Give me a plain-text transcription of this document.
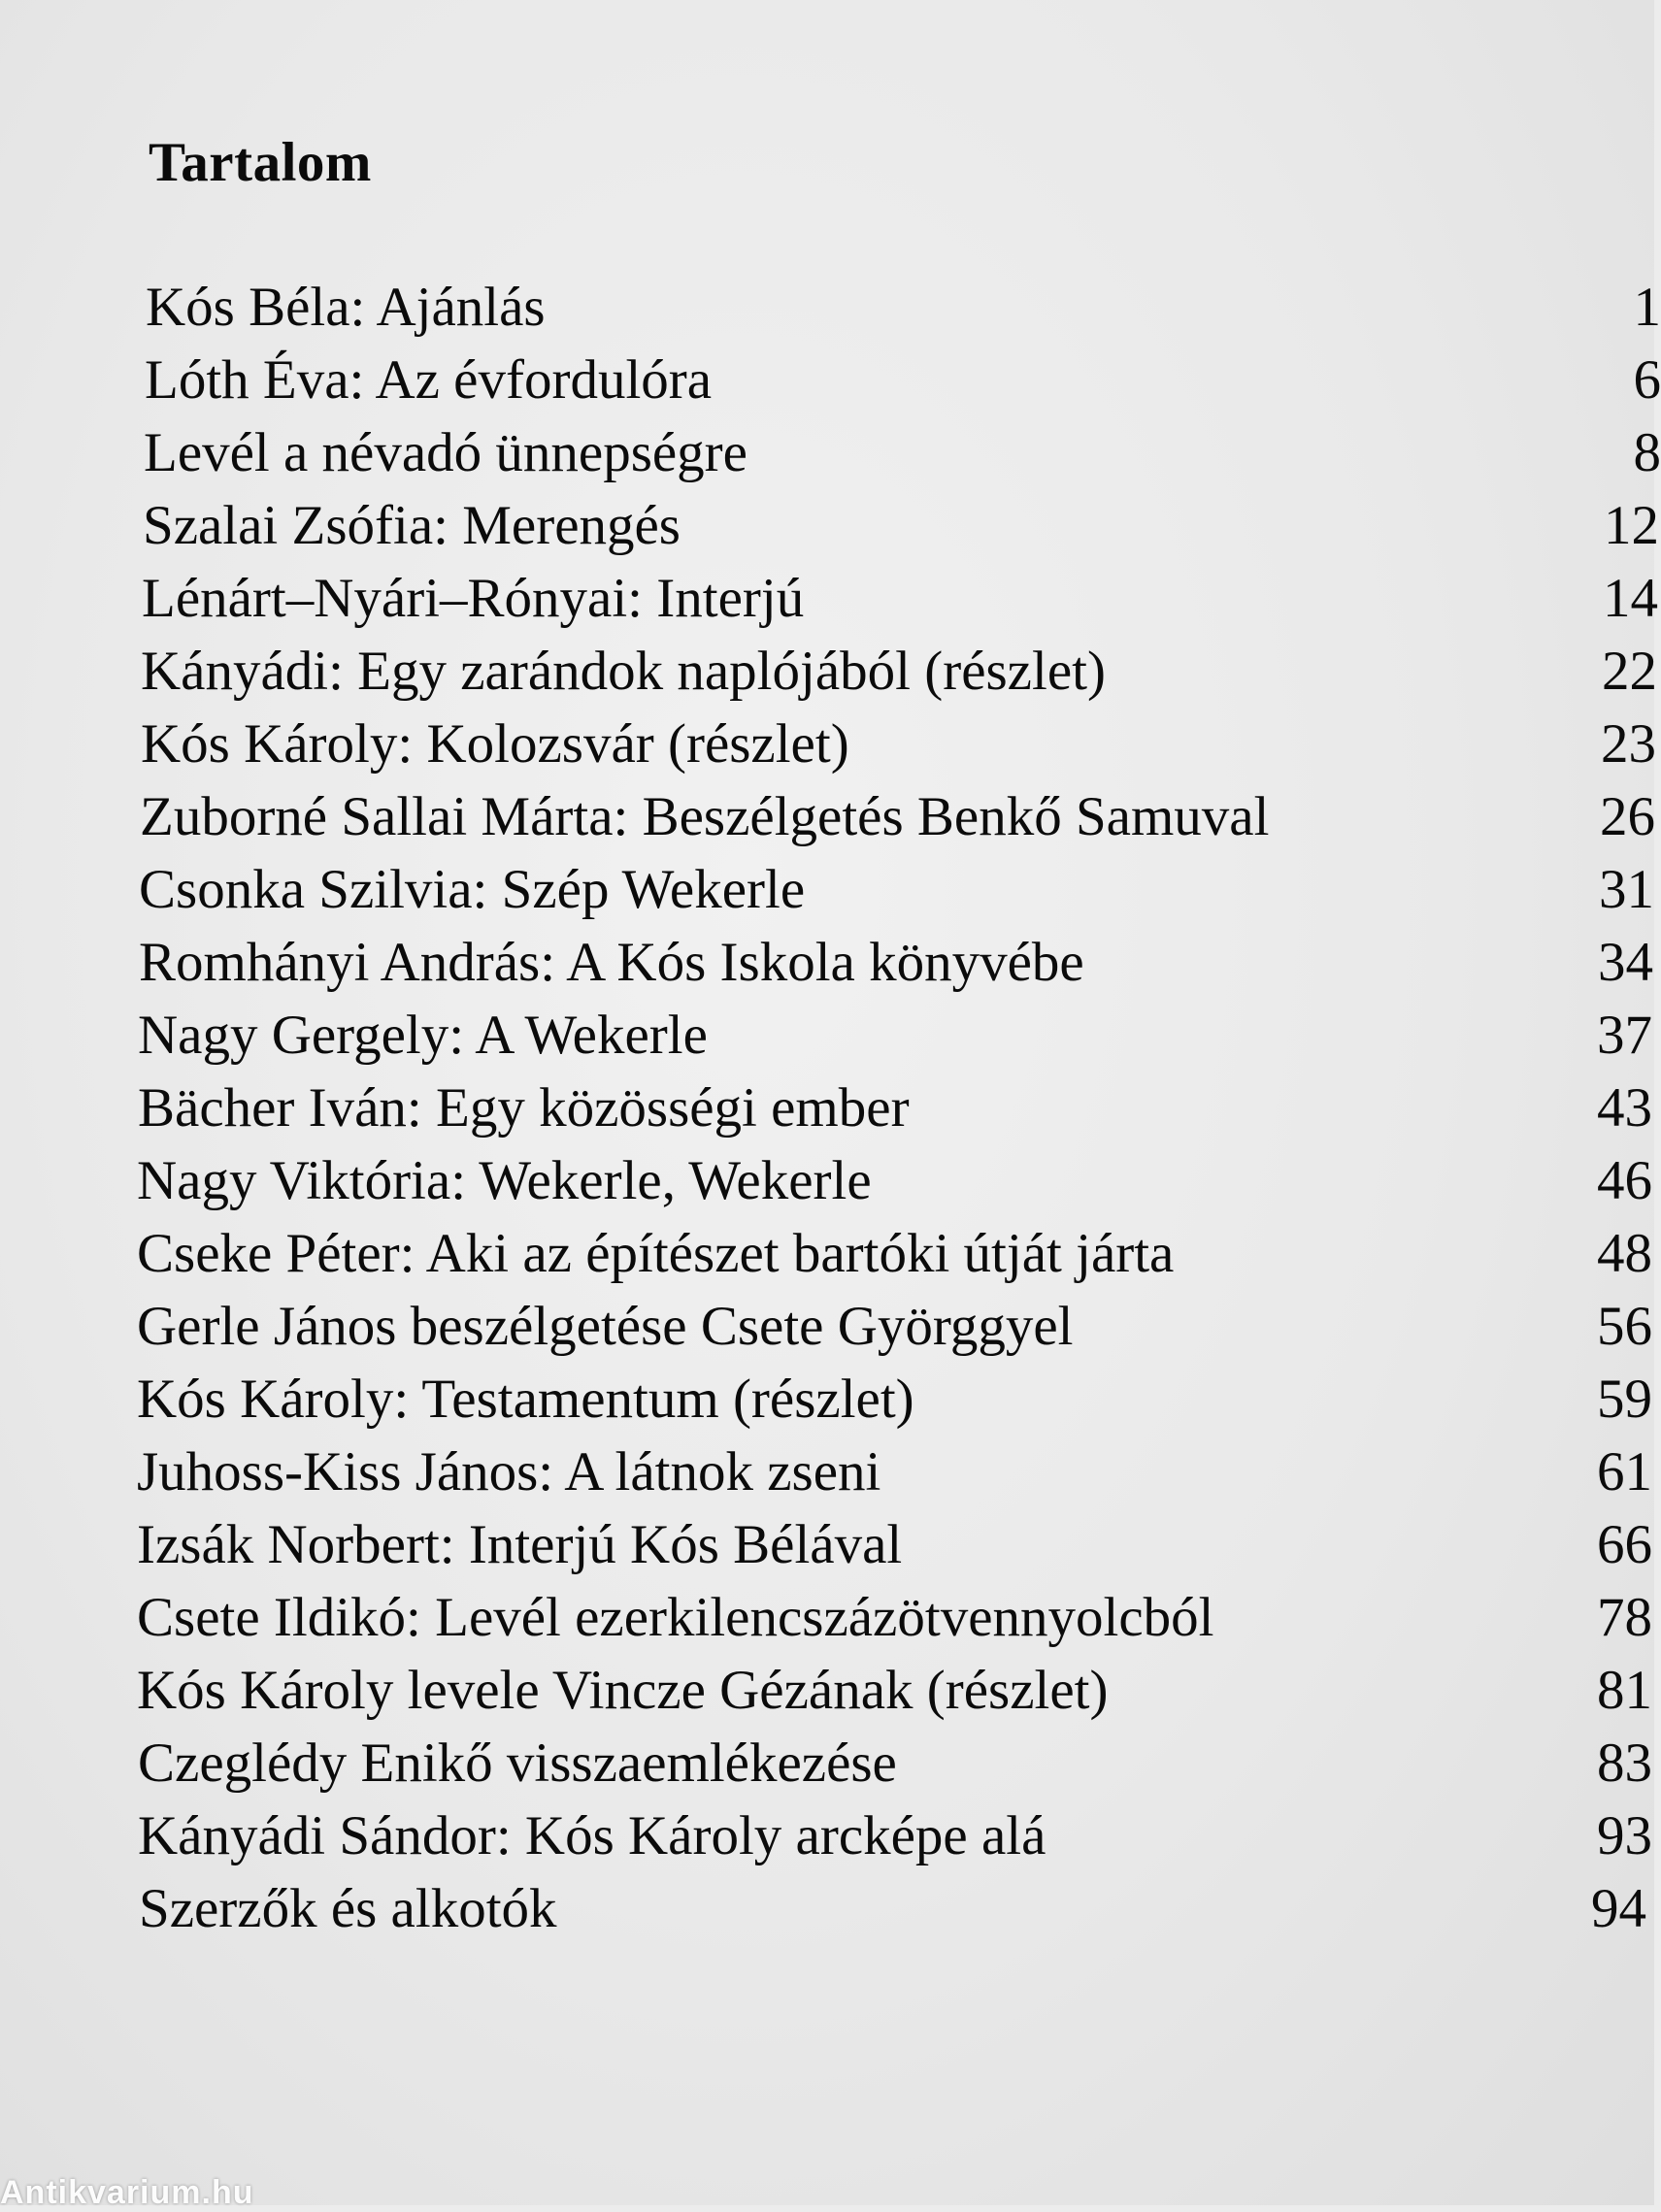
Tartalom
Kós Béla: Ajánlás	1
Lóth Éva: Az évfordulóra	6
Levél a névadó ünnepségre	8
Szalai Zsófia: Merengés	12
Lénárt–Nyári–Rónyai: Interjú	14
Kányádi: Egy zarándok naplójából (részlet)	22
Kós Károly: Kolozsvár (részlet)	23
Zuborné Sallai Márta: Beszélgetés Benkő Samuval	26
Csonka Szilvia: Szép Wekerle	31
Romhányi András: A Kós Iskola könyvébe	34
Nagy Gergely: A Wekerle	37
Bächer Iván: Egy közösségi ember	43
Nagy Viktória: Wekerle, Wekerle	46
Cseke Péter: Aki az építészet bartóki útját járta	48
Gerle János beszélgetése Csete Györggyel	56
Kós Károly: Testamentum (részlet)	59
Juhoss-Kiss János: A látnok zseni	61
Izsák Norbert: Interjú Kós Bélával	66
Csete Ildikó: Levél ezerkilencszázötvennyolcból	78
Kós Károly levele Vincze Gézának (részlet)	81
Czeglédy Enikő visszaemlékezése	83
Kányádi Sándor: Kós Károly arcképe alá	93
Szerzők és alkotók	94
Antikvarium.hu
